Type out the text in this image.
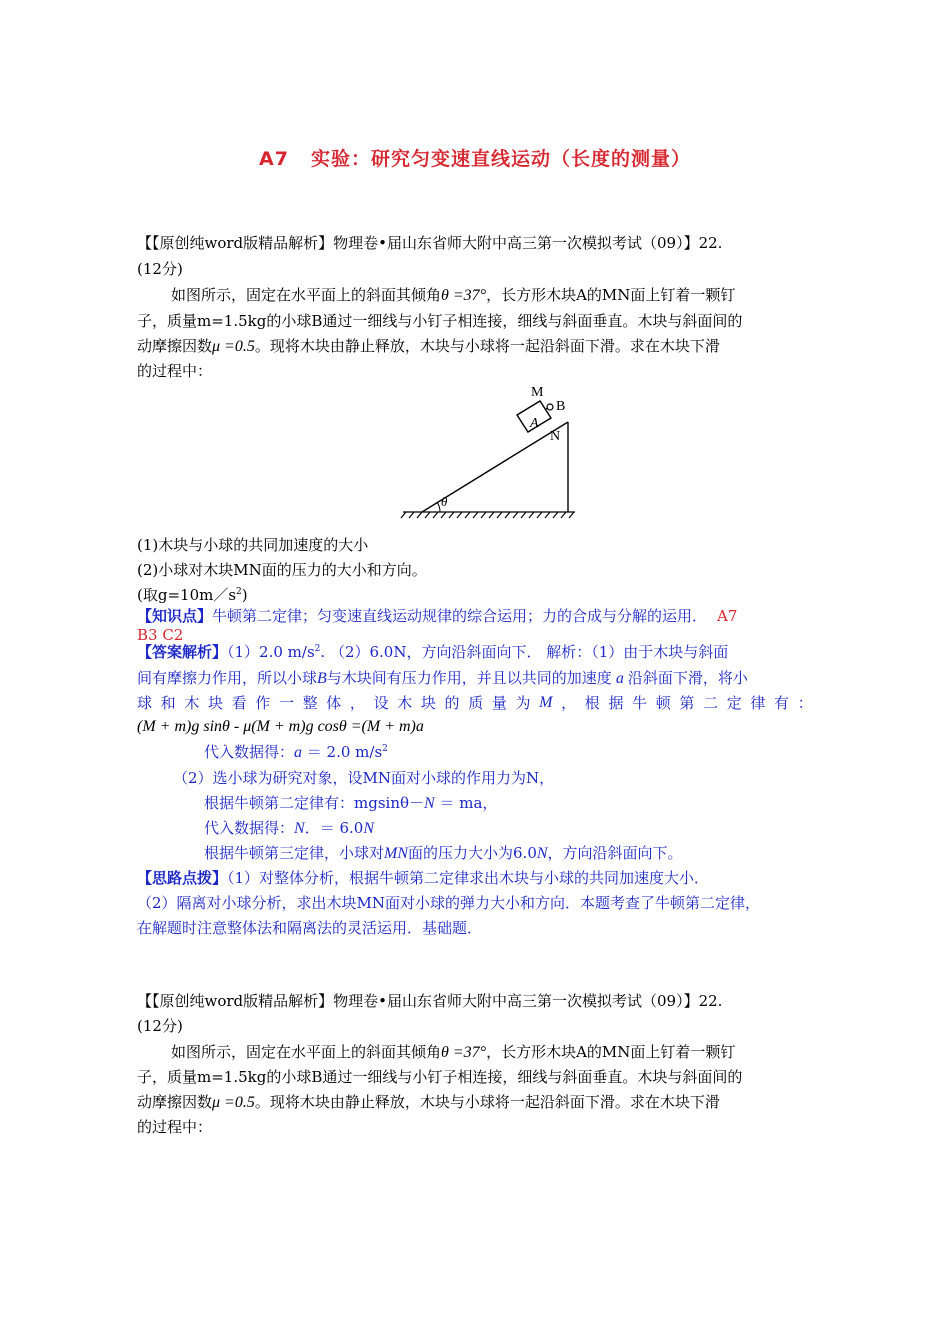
A7 实验：研究匀变速直线运动（长度的测量）
【【原创纯word版精品解析】物理卷•届山东省师大附中高三第一次模拟考试（09）】22.
(12分)
如图所示，固定在水平面上的斜面其倾角θ =37°，长方形木块A的MN面上钉着一颗钉
子，质量m=1.5kg的小球B通过一细线与小钉子相连接，细线与斜面垂直。木块与斜面间的
动摩擦因数μ =0.5。现将木块由静止释放，木块与小球将一起沿斜面下滑。求在木块下滑
的过程中：
M
B
A
N
θ
(1)木块与小球的共同加速度的大小
(2)小球对木块MN面的压力的大小和方向。
(取$g=10m/s^2$)
【知识点】牛顿第二定律；匀变速直线运动规律的综合运用；力的合成与分解的运用． A7
B3 C2
【答案解析】（1）2.0 $m/s^2$. （2）6.0N，方向沿斜面向下． 解析：（1）由于木块与斜面
间有摩擦力作用，所以小球B与木块间有压力作用，并且以共同的加速度 a 沿斜面下滑，将小
球 和 木 块 看 作 一 整 体 ， 设 木 块 的 质 量 为 M ， 根 据 牛 顿 第 二 定 律 有 ：
(M + m)g sinθ - μ(M + m)g cosθ =(M + m)a
代入数据得：a ＝ 2.0 $m/s^2$
（2）选小球为研究对象，设MN面对小球的作用力为N，
根据牛顿第二定律有：mgsinθ－N ＝ ma，
代入数据得：N．＝ 6.0N
根据牛顿第三定律，小球对MN面的压力大小为6.0N，方向沿斜面向下。
【思路点拨】（1）对整体分析，根据牛顿第二定律求出木块与小球的共同加速度大小．
（2）隔离对小球分析，求出木块MN面对小球的弹力大小和方向．本题考查了牛顿第二定律，
在解题时注意整体法和隔离法的灵活运用．基础题．
【【原创纯word版精品解析】物理卷•届山东省师大附中高三第一次模拟考试（09）】22.
(12分)
如图所示，固定在水平面上的斜面其倾角θ =37°，长方形木块A的MN面上钉着一颗钉
子，质量m=1.5kg的小球B通过一细线与小钉子相连接，细线与斜面垂直。木块与斜面间的
动摩擦因数μ =0.5。现将木块由静止释放，木块与小球将一起沿斜面下滑。求在木块下滑
的过程中：
